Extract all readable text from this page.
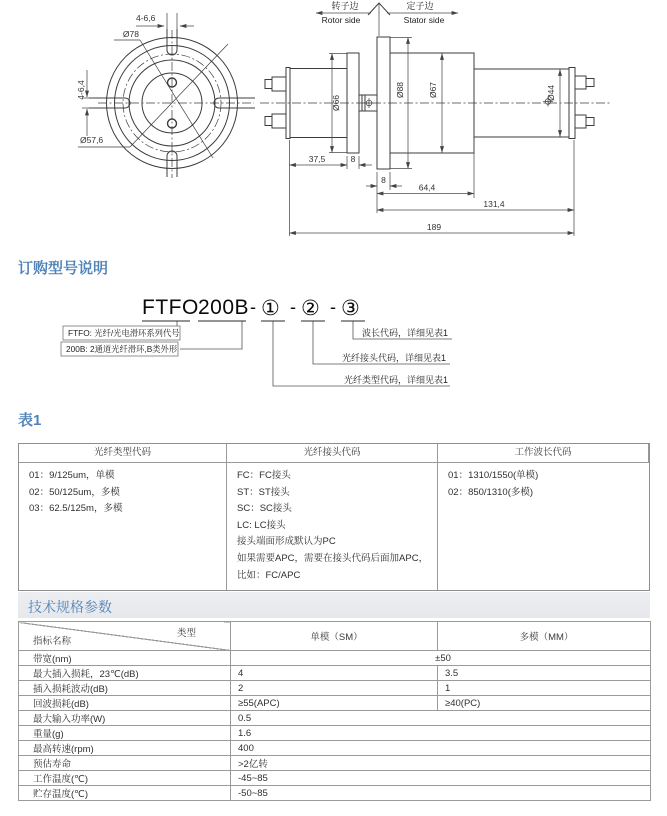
Ø78
Ø57,6
4-6,6
4-6,4
转子边
Rotor side
定子边
Stator side
Ø66
Ø88	Ø67	Ø44
37,5	8
8
64,4
131,4
189
订购型号说明
FTFO 200B - ① - ② - ③
FTFO: 光纤/光电滑环系列代号
200B: 2通道光纤滑环,B类外形
波长代码，详细见表1
光纤接头代码，详细见表1
光纤类型代码，详细见表1
表1
光纤类型代码	光纤接头代码	工作波长代码
01：9/125um，单模
02：50/125um，多模
03：62.5/125m，多模
FC：FC接头
ST：ST接头
SC：SC接头
LC: LC接头
接头端面形成默认为PC
如果需要APC，需要在接头代码后面加APC，
比如：FC/APC
01：1310/1550(单模)
02：850/1310(多模)
技术规格参数
类型
指标名称	单模（SM）	多模（MM）
带宽(nm)	±50	
最大插入损耗，23℃(dB)	4	3.5
插入损耗波动(dB)	2	1
回波损耗(dB)	≥55(APC)	≥40(PC)
最大输入功率(W)	0.5	
重量(g)	1.6	
最高转速(rpm)	400	
预估寿命	>2亿转	
工作温度(℃)	-45~85	
贮存温度(℃)	-50~85	
